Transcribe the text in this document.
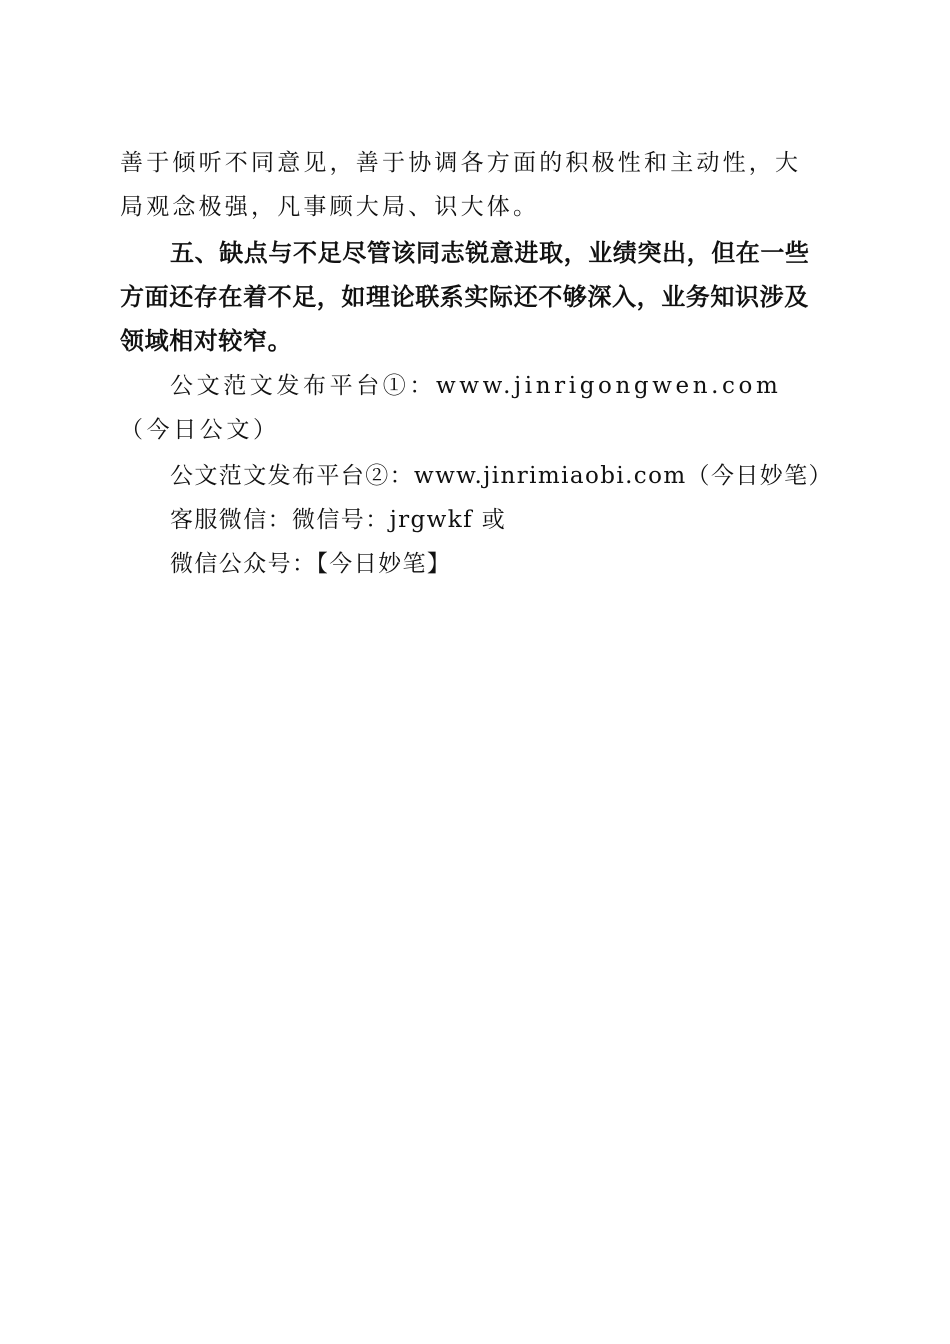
善于倾听不同意见，善于协调各方面的积极性和主动性，大局观念极强，凡事顾大局、识大体。

五、缺点与不足尽管该同志锐意进取，业绩突出，但在一些方面还存在着不足，如理论联系实际还不够深入，业务知识涉及领域相对较窄。

公文范文发布平台①：www.jinrigongwen.com（今日公文）

公文范文发布平台②：www.jinrimiaobi.com（今日妙笔）

客服微信：微信号：jrgwkf 或

微信公众号：【今日妙笔】
